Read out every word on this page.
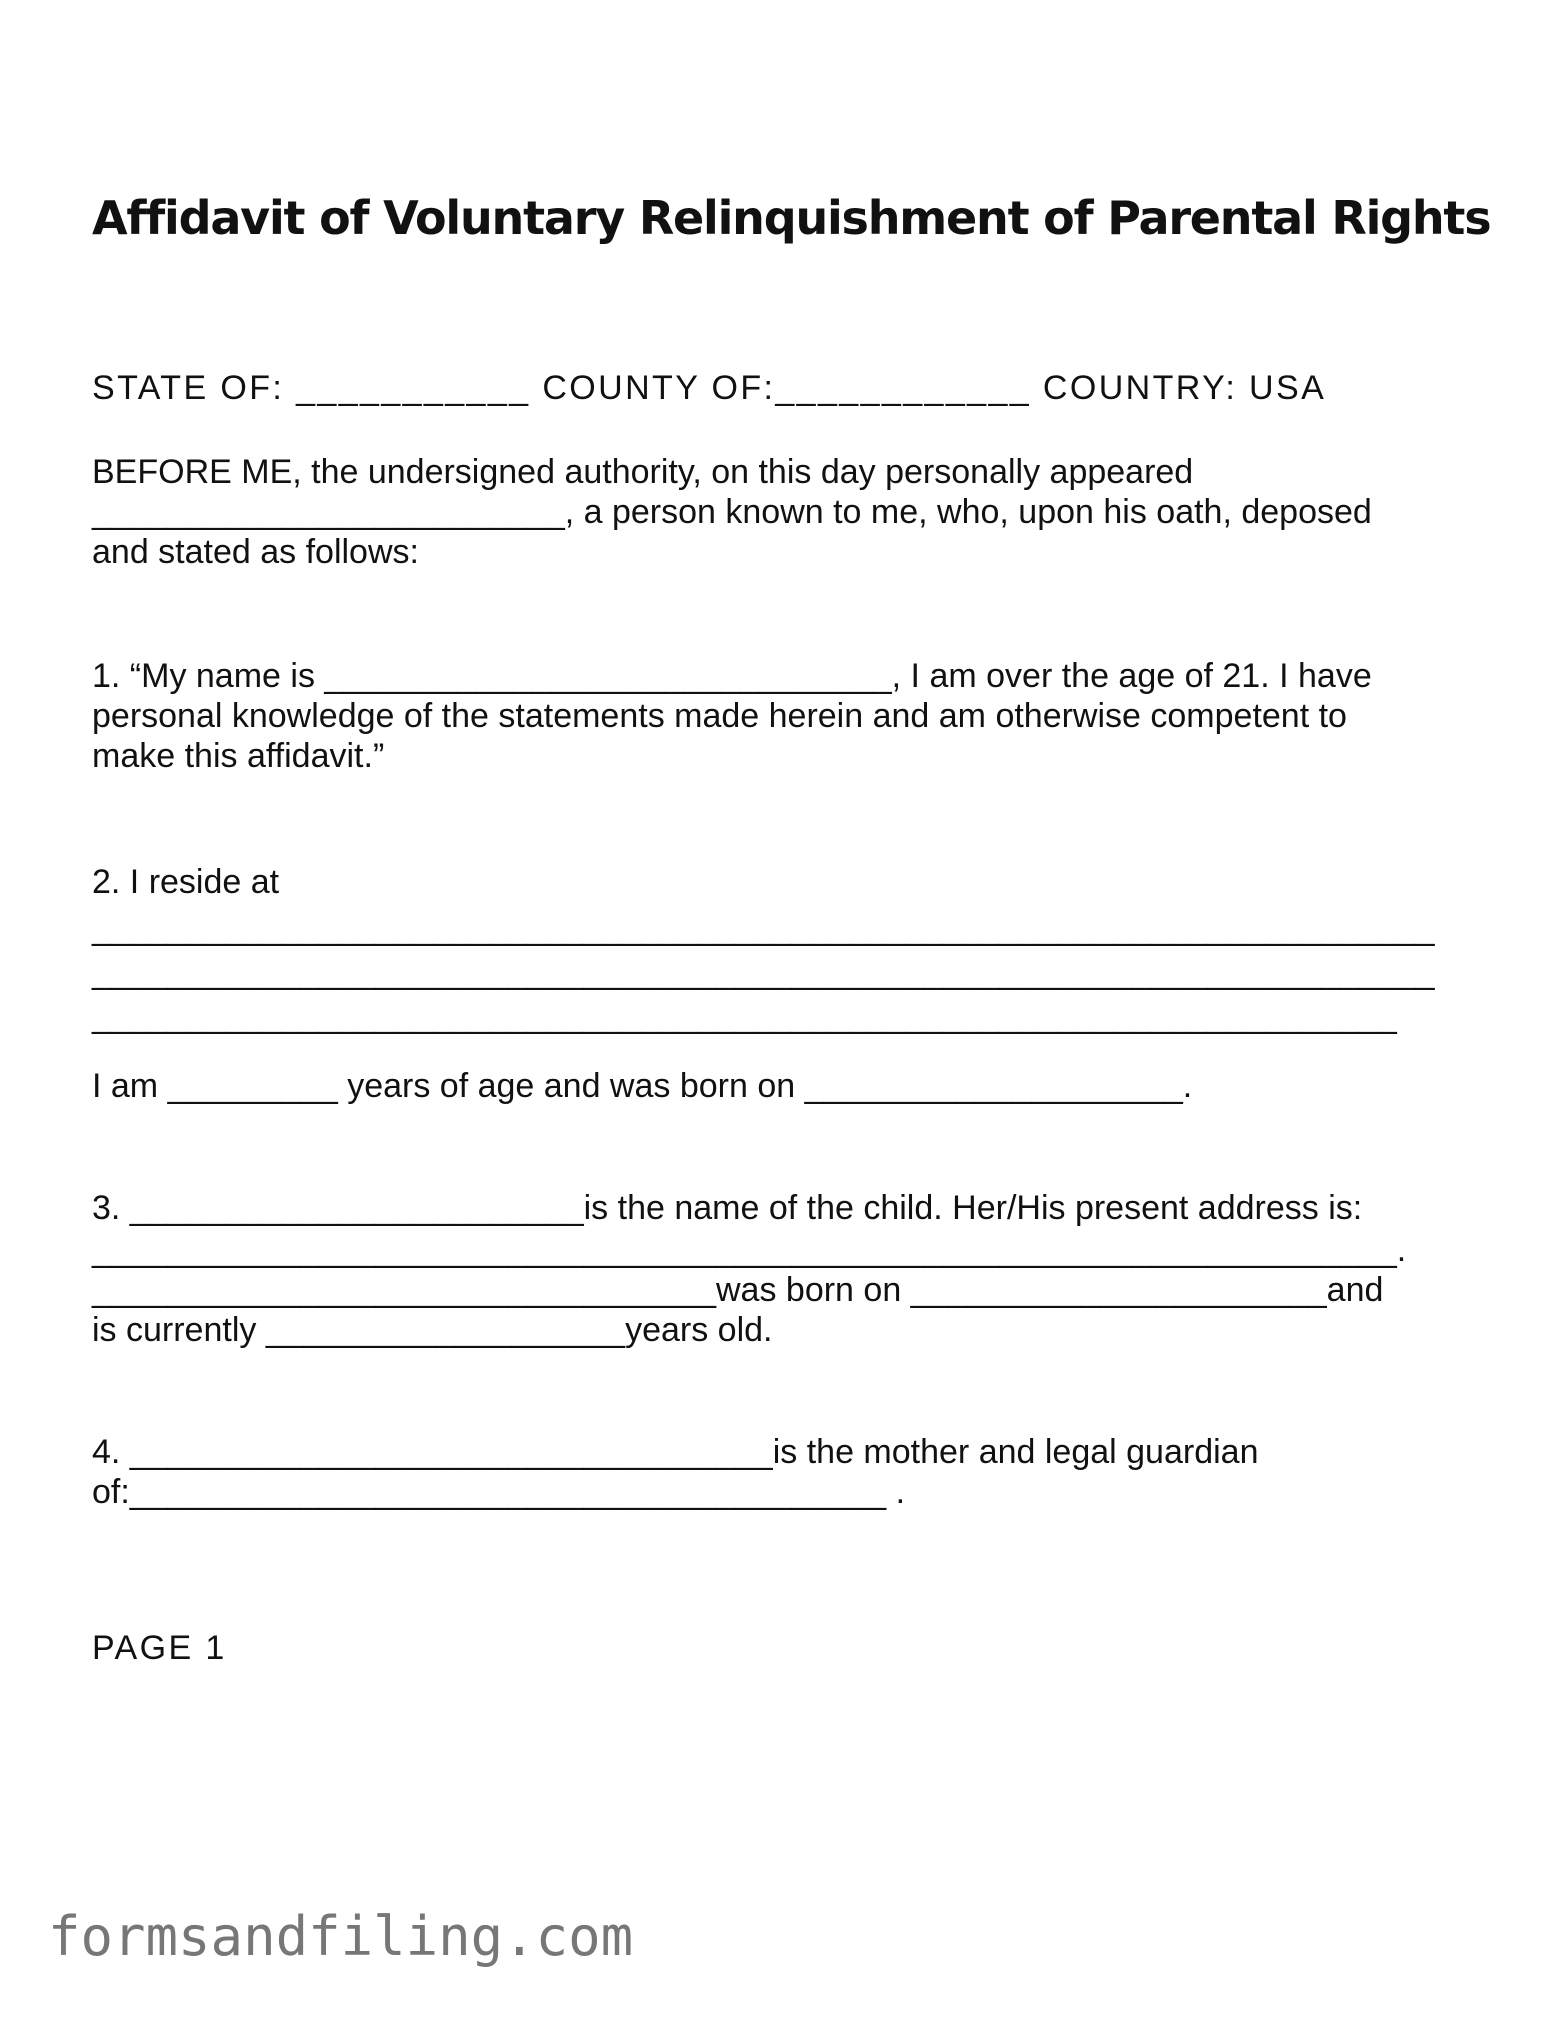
Affidavit of Voluntary Relinquishment of Parental Rights

STATE OF: ___________ COUNTY OF:____________ COUNTRY: USA

BEFORE ME, the undersigned authority, on this day personally appeared

_________________________, a person known to me, who, upon his oath, deposed

and stated as follows:

1. “My name is ______________________________, I am over the age of 21. I have

personal knowledge of the statements made herein and am otherwise competent to

make this affidavit.”

2. I reside at

_______________________________________________________________________

_______________________________________________________________________

_____________________________________________________________________

I am _________ years of age and was born on ____________________.

3. ________________________is the name of the child. Her/His present address is:

_____________________________________________________________________.

_________________________________was born on ______________________and

is currently ___________________years old.

4. __________________________________is the mother and legal guardian

of:________________________________________ .

PAGE 1

formsandfiling.com
